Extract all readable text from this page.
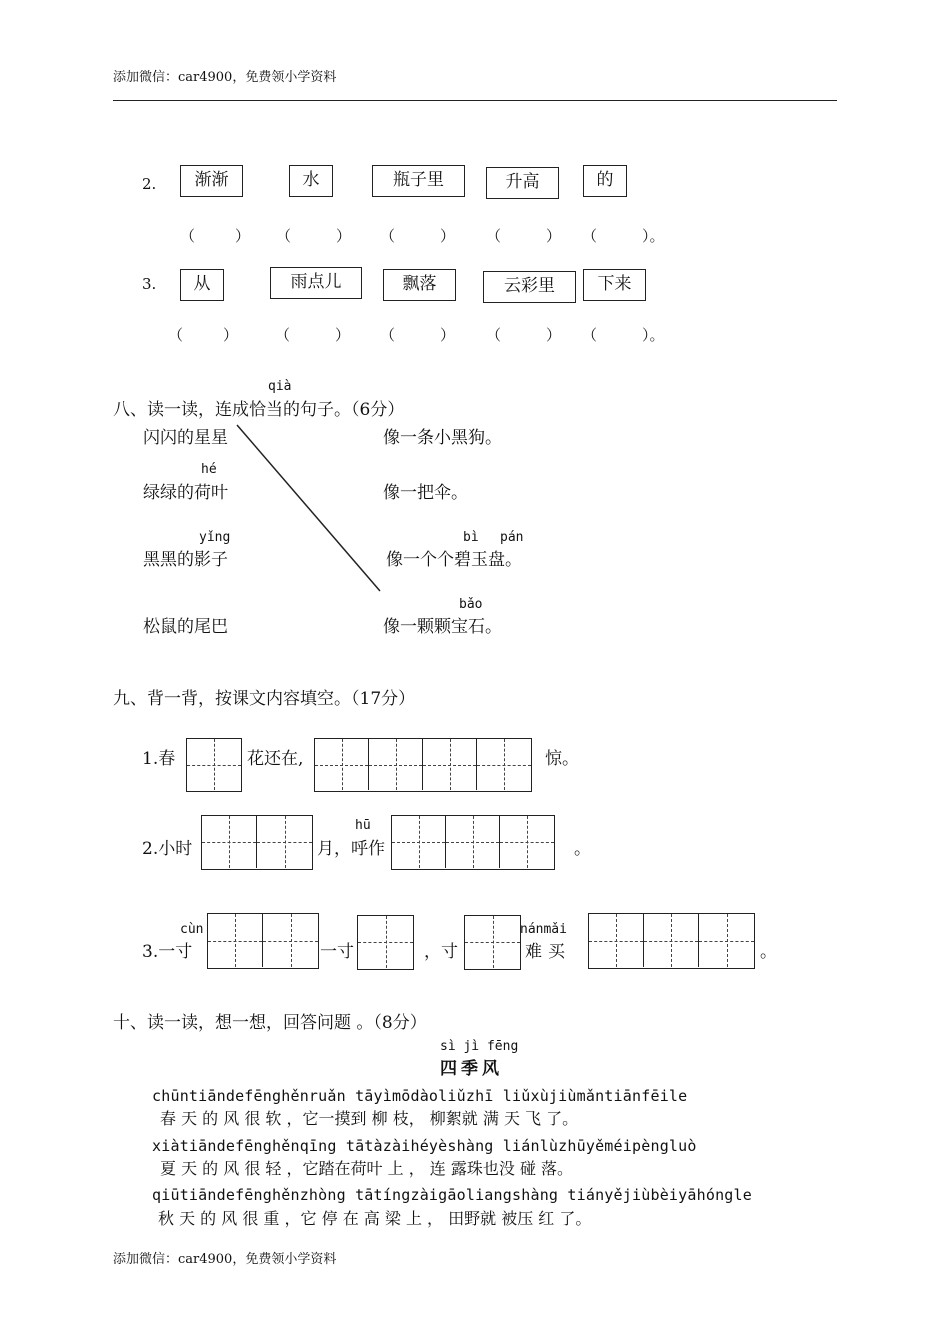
添加微信：car4900，免费领小学资料
2.	渐渐	水	瓶子里	升高	的
（	） （	） （	） （	） （	）。
3.	从	雨点儿	飘落	云彩里	下来
（	） （	） （	） （	） （	）。
qià
八、读一读，连成恰当的句子。（6分）
闪闪的星星
hé
绿绿的荷叶
yǐng
黑黑的影子
松鼠的尾巴
像一条小黑狗。
像一把伞。
bì pán
像一个个碧玉盘。
bǎo
像一颗颗宝石。
九、背一背，按课文内容填空。（17分）
1.春	花还在,	惊。
2.小时
hū
月，呼作	。
cùn
3.一寸	一寸	，寸
nánmǎi
难买	。
十、读一读，想一想，回答问题 。（8分）
sì jì fēng
四季风
chūntiāndefēnghěnruǎn tāyìmōdàoliǔzhī liǔxùjiùmǎntiānfēile
春 天 的 风 很 软 ，它一摸到 柳 枝， 柳絮就 满 天 飞 了。
xiàtiāndefēnghěnqīng tātàzàihéyèshàng liánlùzhūyěméipèngluò
夏 天 的 风 很 轻 ，它踏在荷叶 上 ， 连 露珠也没 碰 落。
qiūtiāndefēnghěnzhòng tātíngzàigāoliangshàng tiányějiùbèiyāhóngle
秋 天 的 风 很 重 ，它 停 在 高 梁 上 ， 田野就 被压 红 了。
添加微信：car4900，免费领小学资料
